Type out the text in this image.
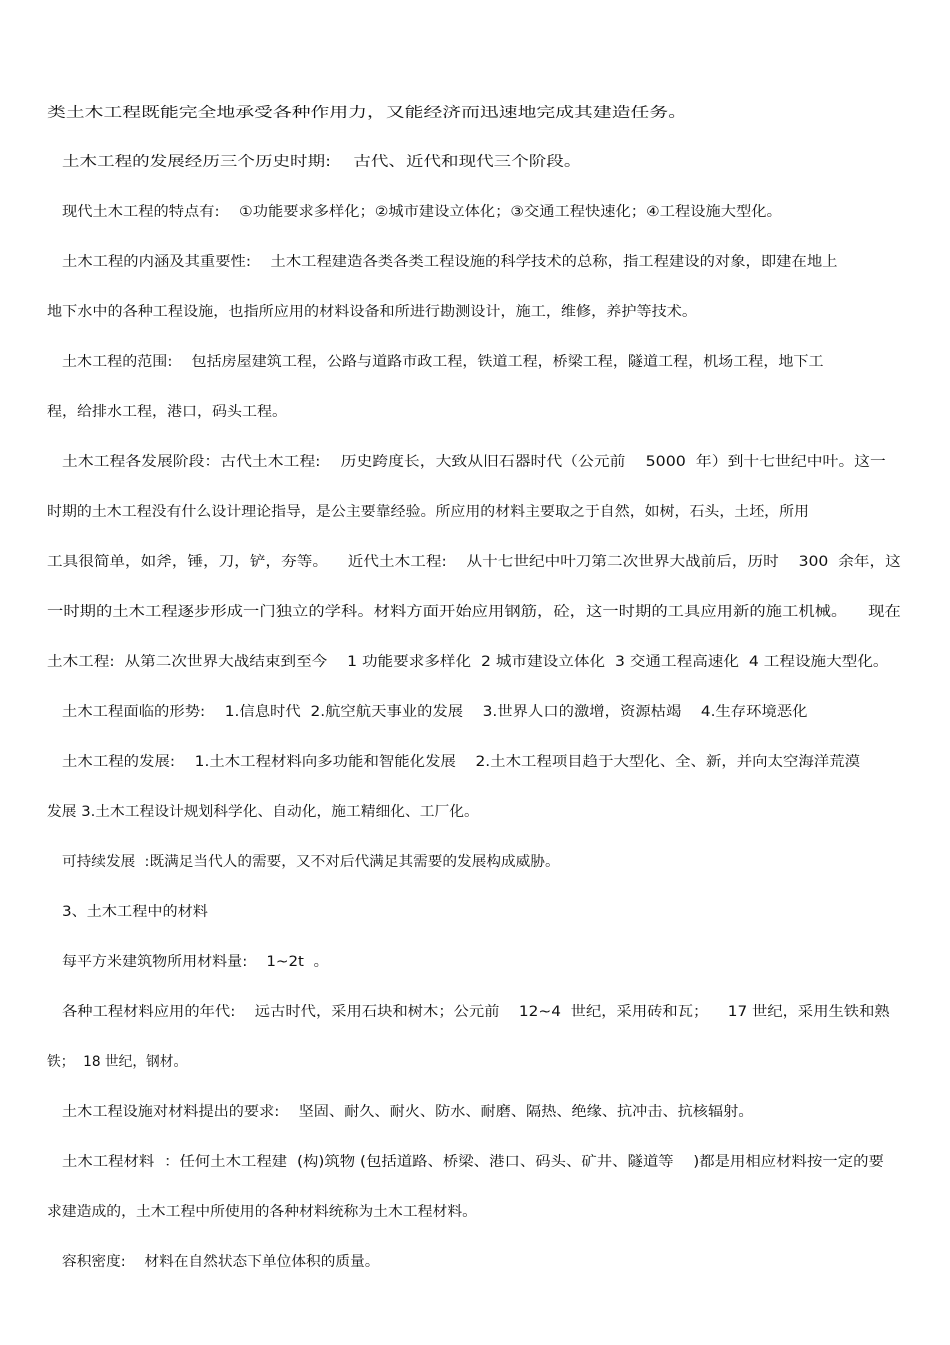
类土木工程既能完全地承受各种作用力，又能经济而迅速地完成其建造任务。
土木工程的发展经历三个历史时期:    古代、近代和现代三个阶段。
现代土木工程的特点有:    ①功能要求多样化；②城市建设立体化；③交通工程快速化；④工程设施大型化。
土木工程的内涵及其重要性:    土木工程建造各类各类工程设施的科学技术的总称，指工程建设的对象，即建在地上
地下水中的各种工程设施，也指所应用的材料设备和所进行勘测设计，施工，维修，养护等技术。
土木工程的范围:    包括房屋建筑工程，公路与道路市政工程，铁道工程，桥梁工程，隧道工程，机场工程，地下工
程，给排水工程，港口，码头工程。
土木工程各发展阶段：古代土木工程:    历史跨度长，大致从旧石器时代（公元前    5000  年）到十七世纪中叶。这一
时期的土木工程没有什么设计理论指导，是公主要靠经验。所应用的材料主要取之于自然，如树，石头，土坯，所用
工具很简单，如斧，锤，刀，铲，夯等。    近代土木工程:    从十七世纪中叶刀第二次世界大战前后，历时    300  余年，这
一时期的土木工程逐步形成一门独立的学科。材料方面开始应用钢筋，砼，这一时期的工具应用新的施工机械。    现在
土木工程:  从第二次世界大战结束到至今    1 功能要求多样化  2 城市建设立体化  3 交通工程高速化  4 工程设施大型化。
土木工程面临的形势:    1.信息时代  2.航空航天事业的发展    3.世界人口的激增，资源枯竭    4.生存环境恶化
土木工程的发展:    1.土木工程材料向多功能和智能化发展    2.土木工程项目趋于大型化、全、新，并向太空海洋荒漠
发展 3.土木工程设计规划科学化、自动化，施工精细化、工厂化。
可持续发展  :既满足当代人的需要，又不对后代满足其需要的发展构成威胁。
3、土木工程中的材料
每平方米建筑物所用材料量:    1~2t  。
各种工程材料应用的年代:    远古时代，采用石块和树木；公元前    12~4  世纪，采用砖和瓦；    17 世纪，采用生铁和熟
铁；  18 世纪，钢材。
土木工程设施对材料提出的要求:    坚固、耐久、耐火、防水、耐磨、隔热、绝缘、抗冲击、抗核辐射。
土木工程材料  ：任何土木工程建  (构)筑物 (包括道路、桥梁、港口、码头、矿井、隧道等    )都是用相应材料按一定的要
求建造成的，土木工程中所使用的各种材料统称为土木工程材料。
容积密度:    材料在自然状态下单位体积的质量。
